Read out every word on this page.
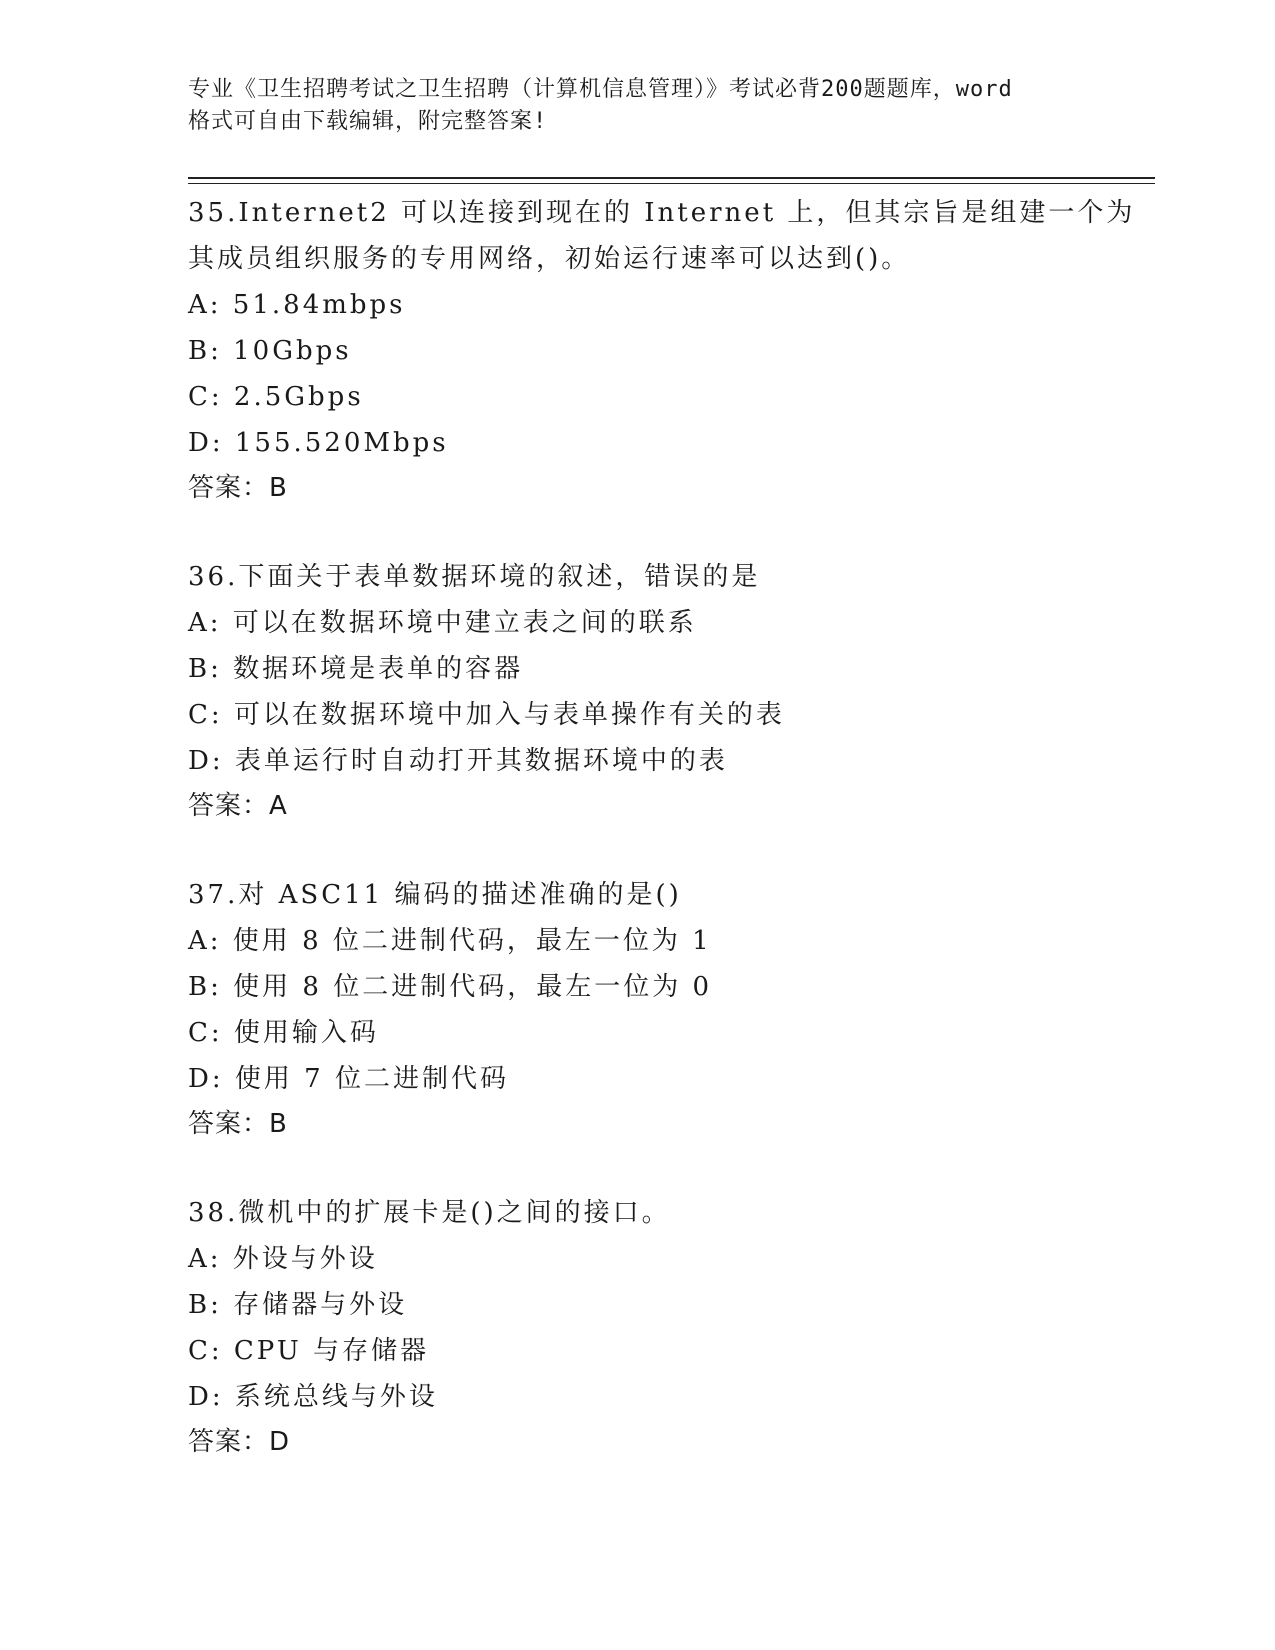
专业《卫生招聘考试之卫生招聘（计算机信息管理）》考试必背200题题库，word
格式可自由下载编辑，附完整答案!
35.Internet2 可以连接到现在的 Internet 上，但其宗旨是组建一个为
其成员组织服务的专用网络，初始运行速率可以达到()。
A: 51.84mbps
B: 10Gbps
C: 2.5Gbps
D: 155.520Mbps
答案：B
36.下面关于表单数据环境的叙述，错误的是
A: 可以在数据环境中建立表之间的联系
B: 数据环境是表单的容器
C: 可以在数据环境中加入与表单操作有关的表
D: 表单运行时自动打开其数据环境中的表
答案：A
37.对 ASC11 编码的描述准确的是()
A: 使用 8 位二进制代码，最左一位为 1
B: 使用 8 位二进制代码，最左一位为 0
C: 使用输入码
D: 使用 7 位二进制代码
答案：B
38.微机中的扩展卡是()之间的接口。
A: 外设与外设
B: 存储器与外设
C: CPU 与存储器
D: 系统总线与外设
答案：D
